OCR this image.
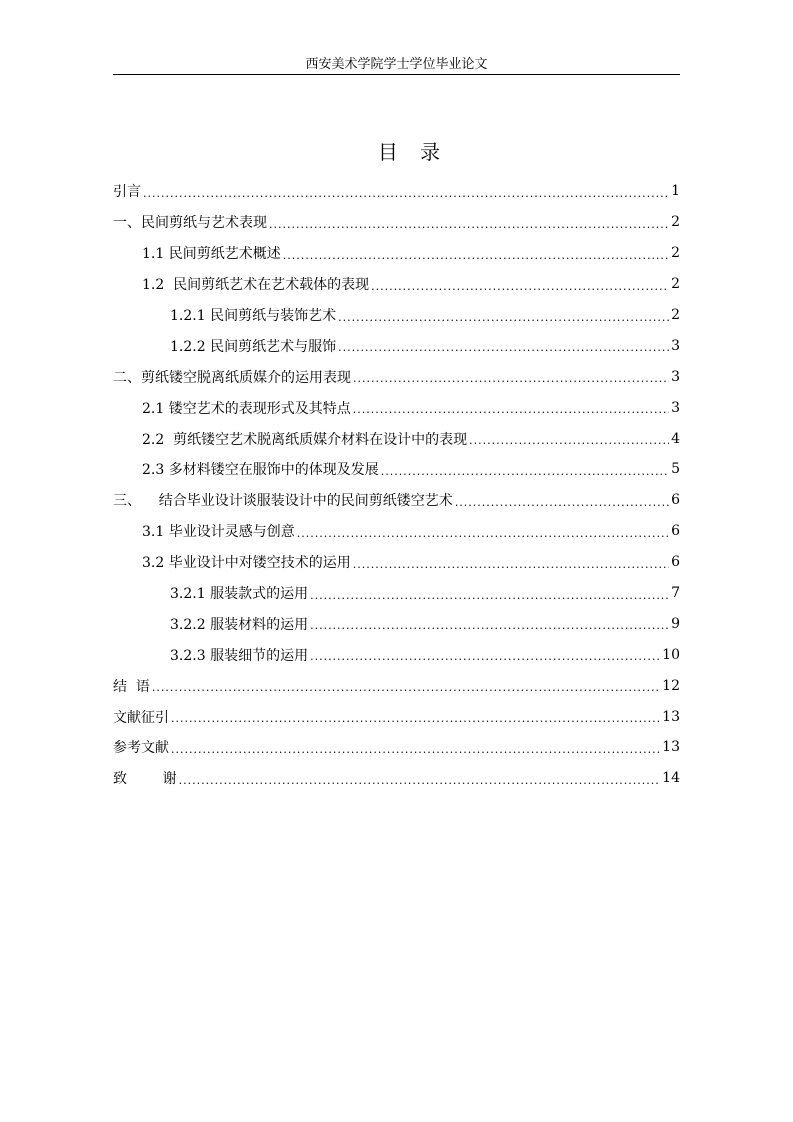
西安美术学院学士学位毕业论文
目 录
引言 .....	1
一、民间剪纸与艺术表现 .....	2
1.1 民间剪纸艺术概述 .....	2
1.2  民间剪纸艺术在艺术载体的表现 .....	2
1.2.1 民间剪纸与装饰艺术 .....	2
1.2.2 民间剪纸艺术与服饰 .....	3
二、剪纸镂空脱离纸质媒介的运用表现 .....	3
2.1 镂空艺术的表现形式及其特点 .....	3
2.2  剪纸镂空艺术脱离纸质媒介材料在设计中的表现 .....	4
2.3 多材料镂空在服饰中的体现及发展 .....	5
三、    结合毕业设计谈服装设计中的民间剪纸镂空艺术 .....	6
3.1 毕业设计灵感与创意 .....	6
3.2 毕业设计中对镂空技术的运用 .....	6
3.2.1 服装款式的运用 .....	7
3.2.2 服装材料的运用 .....	9
3.2.3 服装细节的运用 .....	10
结  语 .....	12
文献征引 .....	13
参考文献 .....	13
致        谢 .....	14
